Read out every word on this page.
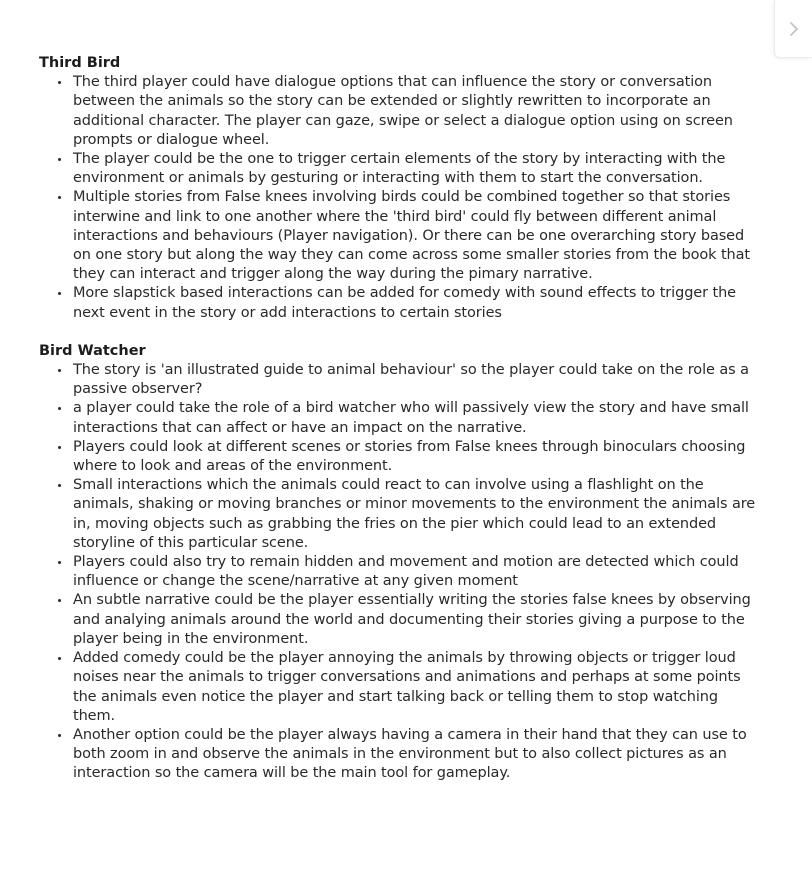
Third Bird
The third player could have dialogue options that can influence the story or conversation between the animals so the story can be extended or slightly rewritten to incorporate an additional character. The player can gaze, swipe or select a dialogue option using on screen prompts or dialogue wheel.
The player could be the one to trigger certain elements of the story by interacting with the environment or animals by gesturing or interacting with them to start the conversation.
Multiple stories from False knees involving birds could be combined together so that stories interwine and link to one another where the 'third bird' could fly between different animal interactions and behaviours (Player navigation). Or there can be one overarching story based on one story but along the way they can come across some smaller stories from the book that they can interact and trigger along the way during the pimary narrative.
More slapstick based interactions can be added for comedy with sound effects to trigger the next event in the story or add interactions to certain stories
Bird Watcher
The story is 'an illustrated guide to animal behaviour' so the player could take on the role as a passive observer?
a player could take the role of a bird watcher who will passively view the story and have small interactions that can affect or have an impact on the narrative.
Players could look at different scenes or stories from False knees through binoculars choosing where to look and areas of the environment.
Small interactions which the animals could react to can involve using a flashlight on the animals, shaking or moving branches or minor movements to the environment the animals are in, moving objects such as grabbing the fries on the pier which could lead to an extended storyline of this particular scene.
Players could also try to remain hidden and movement and motion are detected which could influence or change the scene/narrative at any given moment
An subtle narrative could be the player essentially writing the stories false knees by observing and analying animals around the world and documenting their stories giving a purpose to the player being in the environment.
Added comedy could be the player annoying the animals by throwing objects or trigger loud noises near the animals to trigger conversations and animations and perhaps at some points the animals even notice the player and start talking back or telling them to stop watching them.
Another option could be the player always having a camera in their hand that they can use to both zoom in and observe the animals in the environment but to also collect pictures as an interaction so the camera will be the main tool for gameplay.
